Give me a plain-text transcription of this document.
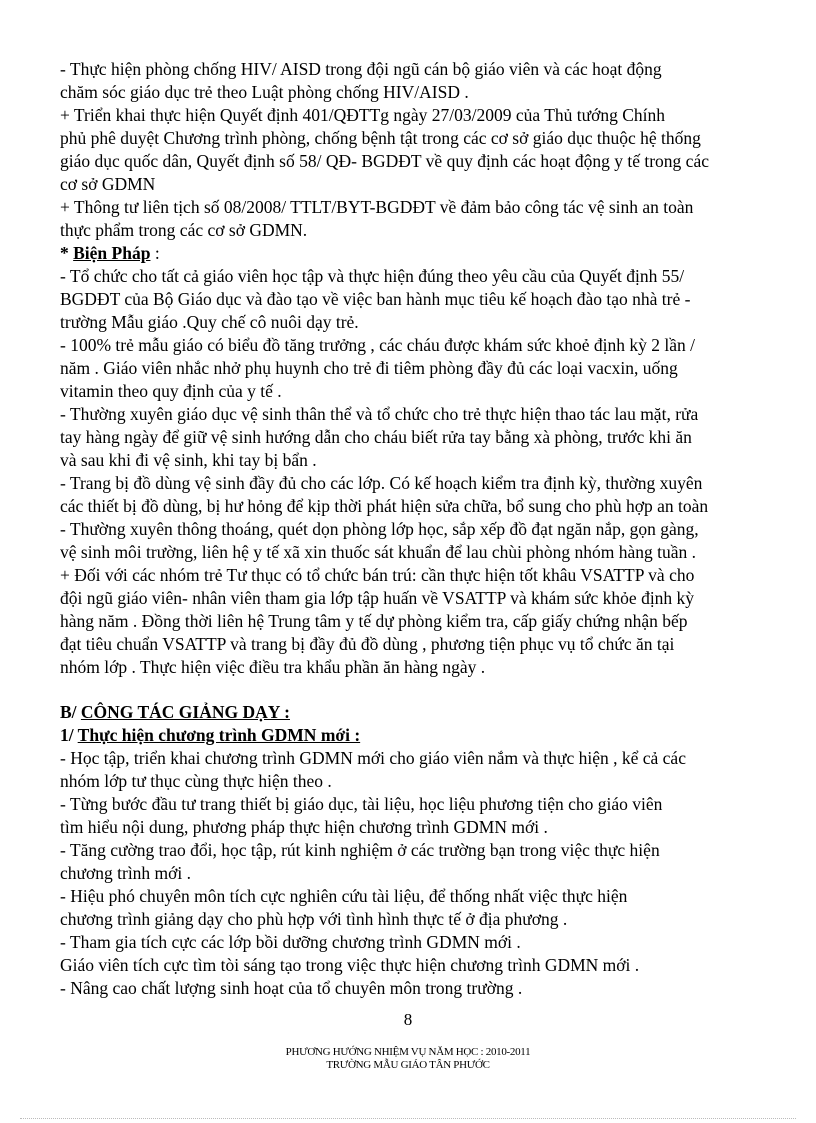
- Thực hiện phòng chống HIV/ AISD trong đội ngũ cán bộ giáo viên và các hoạt động
chăm sóc giáo dục trẻ theo Luật phòng chống HIV/AISD .
+ Triển khai thực hiện Quyết định 401/QĐTTg ngày 27/03/2009 của Thủ tướng Chính
phủ phê duyệt Chương trình phòng, chống bệnh tật trong các cơ sở giáo dục thuộc hệ thống
giáo dục quốc dân, Quyết định số 58/ QĐ- BGDĐT về quy định các hoạt động y tế trong các
cơ sở GDMN
+ Thông tư liên tịch số 08/2008/ TTLT/BYT-BGDĐT về đảm bảo công tác vệ sinh an toàn
thực phẩm trong các cơ sở GDMN.
* Biện Pháp :
- Tổ chức cho tất cả giáo viên học tập và thực hiện đúng theo yêu cầu của Quyết định 55/
BGDĐT của Bộ Giáo dục và đào tạo về việc ban hành mục tiêu kế hoạch đào tạo nhà trẻ -
trường Mẫu giáo .Quy chế cô nuôi dạy trẻ.
- 100% trẻ mẫu giáo có biểu đồ tăng trưởng , các cháu được khám sức khoẻ định kỳ 2 lần /
năm . Giáo viên nhắc nhở phụ huynh cho trẻ đi tiêm phòng đầy đủ các loại vacxin, uống
vitamin theo quy định của y tế .
- Thường xuyên giáo dục vệ sinh thân thể và tổ chức cho trẻ thực hiện thao tác lau mặt, rửa
tay hàng ngày để giữ vệ sinh hướng dẫn cho cháu biết rửa tay bằng xà phòng, trước khi ăn
và sau khi đi vệ sinh, khi tay bị bẩn .
- Trang bị đồ dùng vệ sinh đầy đủ cho các lớp. Có kế hoạch kiểm tra định kỳ, thường xuyên
các thiết bị đồ dùng, bị hư hỏng để kịp thời phát hiện sửa chữa, bổ sung cho phù hợp an toàn
- Thường xuyên thông thoáng, quét dọn phòng lớp học, sắp xếp đồ đạt ngăn nắp, gọn gàng,
vệ sinh môi trường, liên hệ y tế xã xin thuốc sát khuẩn để lau chùi phòng nhóm hàng tuần .
+ Đối với các nhóm trẻ Tư thục có tổ chức bán trú: cần thực hiện tốt khâu VSATTP và cho
đội ngũ giáo viên- nhân viên tham gia lớp tập huấn về VSATTP và khám sức khỏe định kỳ
hàng năm . Đồng thời liên hệ Trung tâm y tế dự phòng kiểm tra, cấp giấy chứng nhận bếp
đạt tiêu chuẩn VSATTP và trang bị đầy đủ đồ dùng , phương tiện phục vụ tổ chức ăn tại
nhóm lớp . Thực hiện việc điều tra khẩu phần ăn hàng ngày .
B/ CÔNG TÁC GIẢNG DẠY :
1/ Thực hiện chương trình GDMN mới :
- Học tập, triển khai chương trình GDMN mới cho giáo viên nắm và thực hiện , kể cả các
nhóm lớp tư thục cùng thực hiện theo .
- Từng bước đầu tư trang thiết bị giáo dục, tài liệu, học liệu phương tiện cho giáo viên
tìm hiểu nội dung, phương pháp thực hiện chương trình GDMN mới .
- Tăng cường trao đổi, học tập, rút kinh nghiệm ở các trường bạn trong việc thực hiện
chương trình mới .
- Hiệu phó chuyên môn tích cực nghiên cứu tài liệu, để thống nhất việc thực hiện
chương trình giảng dạy cho phù hợp với tình hình thực tế ở địa phương .
- Tham gia tích cực các lớp bồi dưỡng chương trình GDMN mới .
Giáo viên tích cực tìm tòi sáng tạo trong việc thực hiện chương trình GDMN mới .
- Nâng cao chất lượng sinh hoạt của tổ chuyên môn trong trường .
8
PHƯƠNG HƯỚNG NHIỆM VỤ NĂM HỌC : 2010-2011
TRƯỜNG MẪU GIÁO TÂN PHƯỚC
